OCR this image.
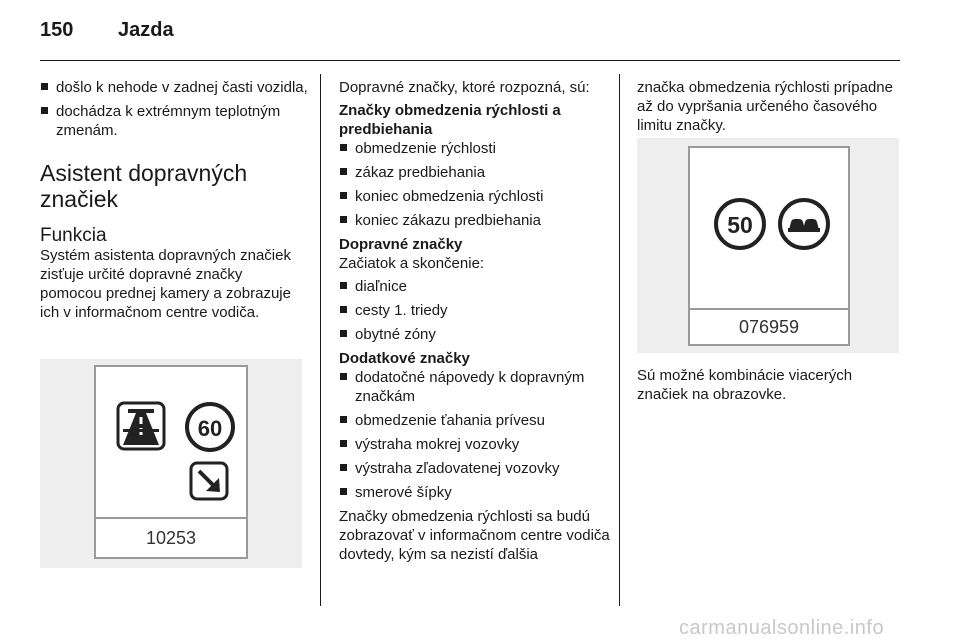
150 Jazda
došlo k nehode v zadnej časti vozidla,
dochádza k extrémnym teplotným zmenám.
Asistent dopravných značiek
Funkcia

Systém asistenta dopravných značiek zisťuje určité dopravné značky pomocou prednej kamery a zobrazuje ich v informačnom centre vodiča.

60
10253

Dopravné značky, ktoré rozpozná, sú:

Značky obmedzenia rýchlosti a predbiehania

obmedzenie rýchlosti
zákaz predbiehania
koniec obmedzenia rýchlosti
koniec zákazu predbiehania

Dopravné značky

Začiatok a skončenie:

diaľnice
cesty 1. triedy
obytné zóny

Dodatkové značky

dodatočné nápovedy k dopravným značkám
obmedzenie ťahania prívesu
výstraha mokrej vozovky
výstraha zľadovatenej vozovky
smerové šípky

Značky obmedzenia rýchlosti sa budú zobrazovať v informačnom centre vodiča dovtedy, kým sa nezistí ďalšia

značka obmedzenia rýchlosti prípadne až do vypršania určeného časového limitu značky.

50
076959

Sú možné kombinácie viacerých značiek na obrazovke.

carmanualsonline.info
